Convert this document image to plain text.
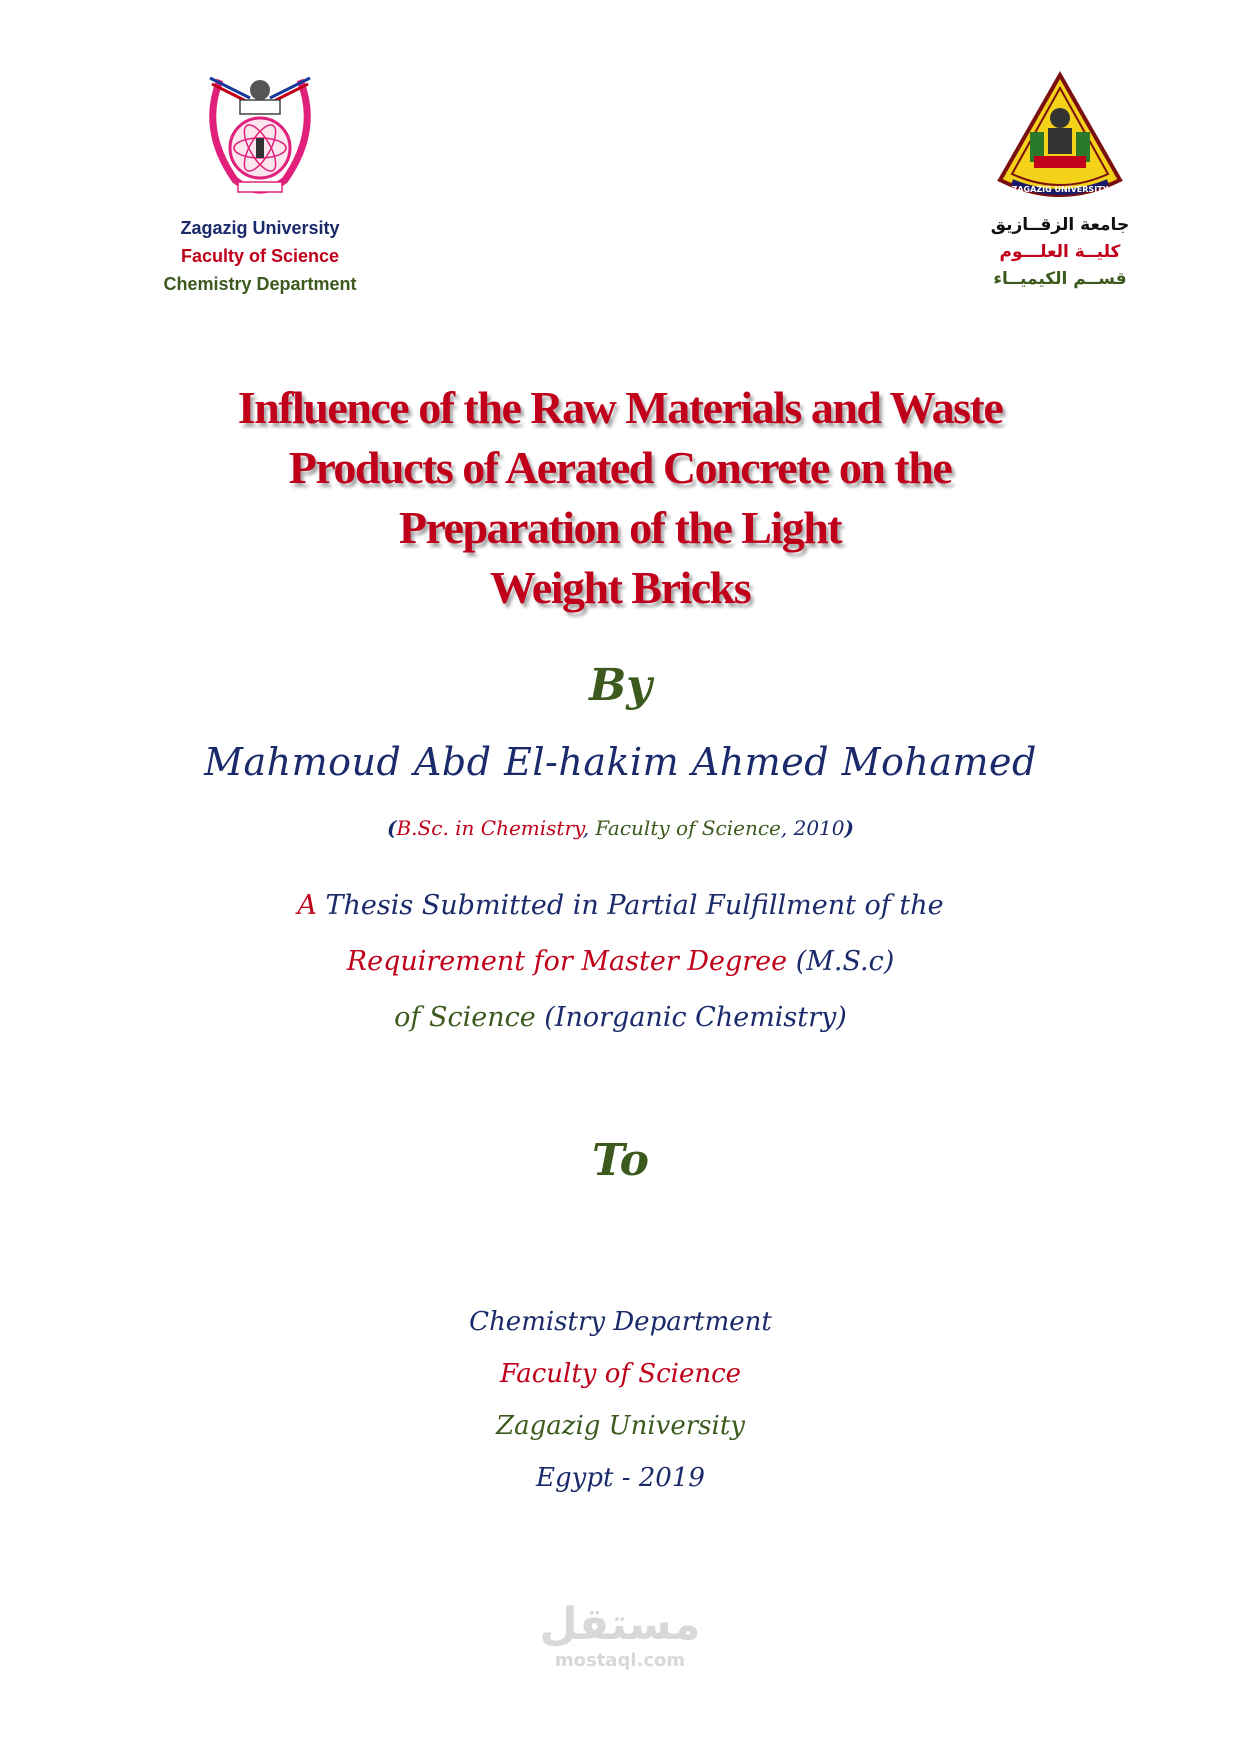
Zagazig University
Faculty of Science
Chemistry Department
ZAGAZIG UNIVERSITY
جامعة الزقــازيق
كليــة العلـــوم
قســم الكيميــاء
Influence of the Raw Materials and Waste
Products of Aerated Concrete on the
Preparation of the Light
Weight Bricks
By
Mahmoud Abd El-hakim Ahmed Mohamed
(B.Sc. in Chemistry, Faculty of Science, 2010)
A Thesis Submitted in Partial Fulfillment of the
Requirement for Master Degree (M.S.c)
of Science (Inorganic Chemistry)
To
Chemistry Department
Faculty of Science
Zagazig University
Egypt - 2019
مستقل
mostaql.com
